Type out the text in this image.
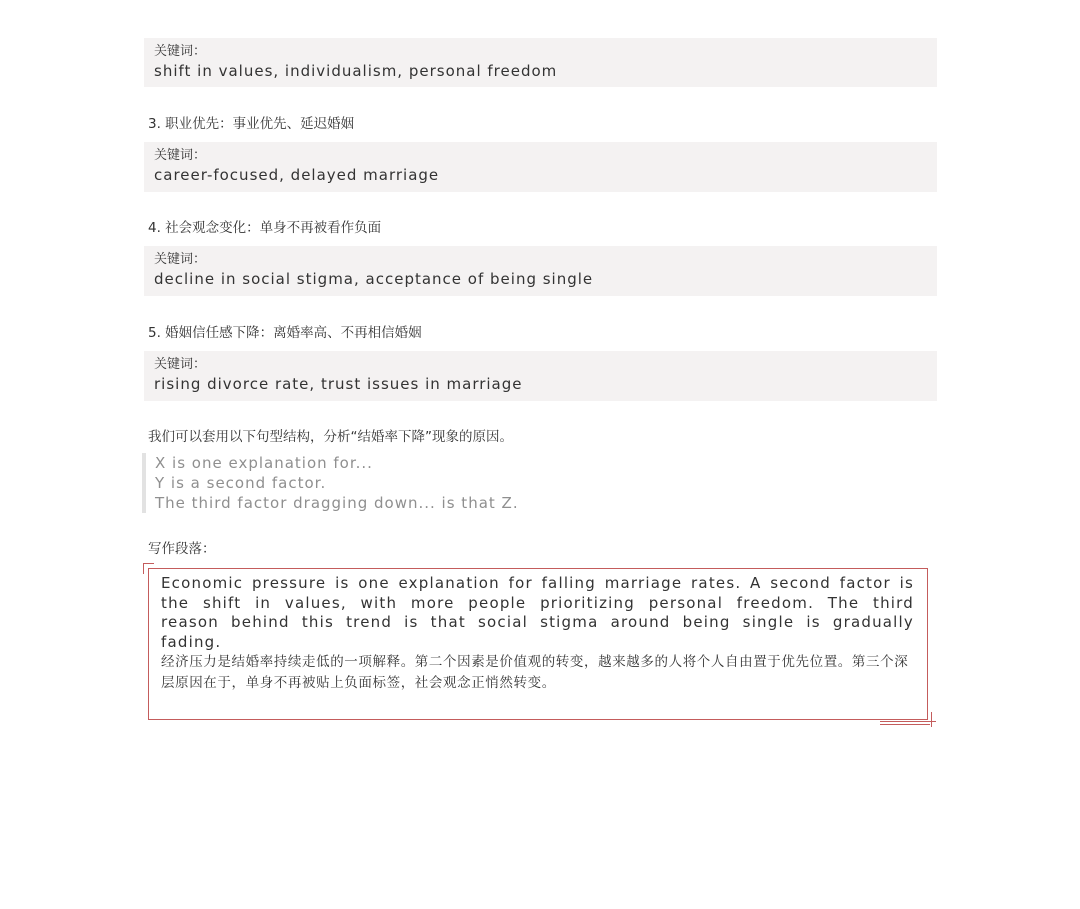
关键词：
shift in values, individualism, personal freedom
3. 职业优先：事业优先、延迟婚姻
关键词：
career-focused, delayed marriage
4. 社会观念变化：单身不再被看作负面
关键词：
decline in social stigma, acceptance of being single
5. 婚姻信任感下降：离婚率高、不再相信婚姻
关键词：
rising divorce rate, trust issues in marriage
我们可以套用以下句型结构，分析“结婚率下降”现象的原因。
X is one explanation for...
Y is a second factor.
The third factor dragging down... is that Z.
写作段落：

Economic pressure is one explanation for falling marriage rates. A second factor is the shift in values, with more people prioritizing personal freedom. The third reason behind this trend is that social stigma around being single is gradually fading.

经济压力是结婚率持续走低的一项解释。第二个因素是价值观的转变，越来越多的人将个人自由置于优先位置。第三个深层原因在于，单身不再被贴上负面标签，社会观念正悄然转变。
